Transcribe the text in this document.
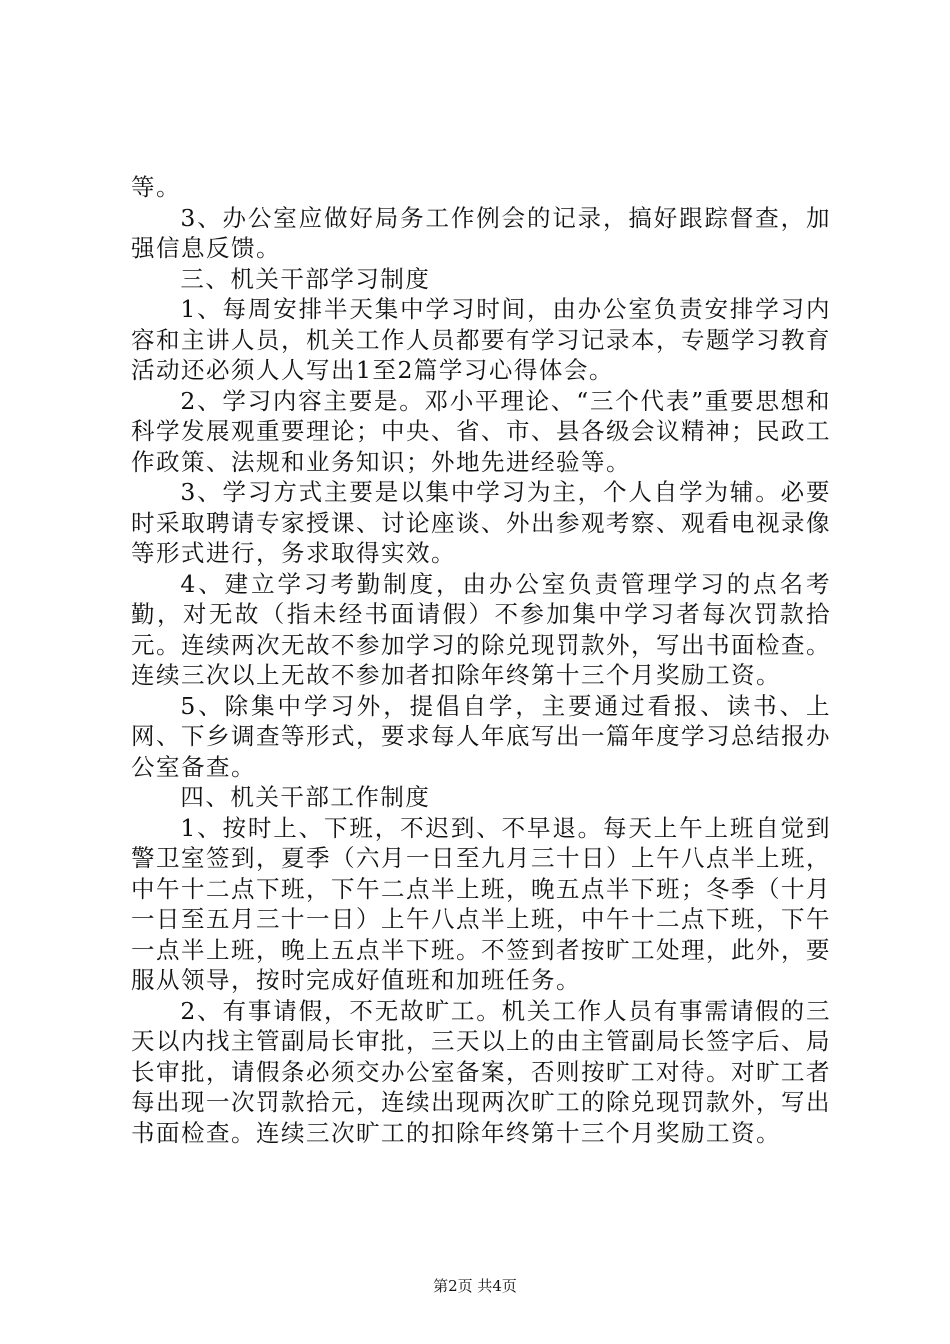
等。

3、办公室应做好局务工作例会的记录，搞好跟踪督查，加强信息反馈。

三、机关干部学习制度

1、每周安排半天集中学习时间，由办公室负责安排学习内容和主讲人员，机关工作人员都要有学习记录本，专题学习教育活动还必须人人写出1至2篇学习心得体会。

2、学习内容主要是。邓小平理论、“三个代表”重要思想和科学发展观重要理论；中央、省、市、县各级会议精神；民政工作政策、法规和业务知识；外地先进经验等。

3、学习方式主要是以集中学习为主，个人自学为辅。必要时采取聘请专家授课、讨论座谈、外出参观考察、观看电视录像等形式进行，务求取得实效。

4、建立学习考勤制度，由办公室负责管理学习的点名考勤，对无故（指未经书面请假）不参加集中学习者每次罚款拾元。连续两次无故不参加学习的除兑现罚款外，写出书面检查。连续三次以上无故不参加者扣除年终第十三个月奖励工资。

5、除集中学习外，提倡自学，主要通过看报、读书、上网、下乡调查等形式，要求每人年底写出一篇年度学习总结报办公室备查。

四、机关干部工作制度

1、按时上、下班，不迟到、不早退。每天上午上班自觉到警卫室签到，夏季（六月一日至九月三十日）上午八点半上班，中午十二点下班，下午二点半上班，晚五点半下班；冬季（十月一日至五月三十一日）上午八点半上班，中午十二点下班，下午一点半上班，晚上五点半下班。不签到者按旷工处理，此外，要服从领导，按时完成好值班和加班任务。

2、有事请假，不无故旷工。机关工作人员有事需请假的三天以内找主管副局长审批，三天以上的由主管副局长签字后、局长审批，请假条必须交办公室备案，否则按旷工对待。对旷工者每出现一次罚款拾元，连续出现两次旷工的除兑现罚款外，写出书面检查。连续三次旷工的扣除年终第十三个月奖励工资。

第2页 共4页
